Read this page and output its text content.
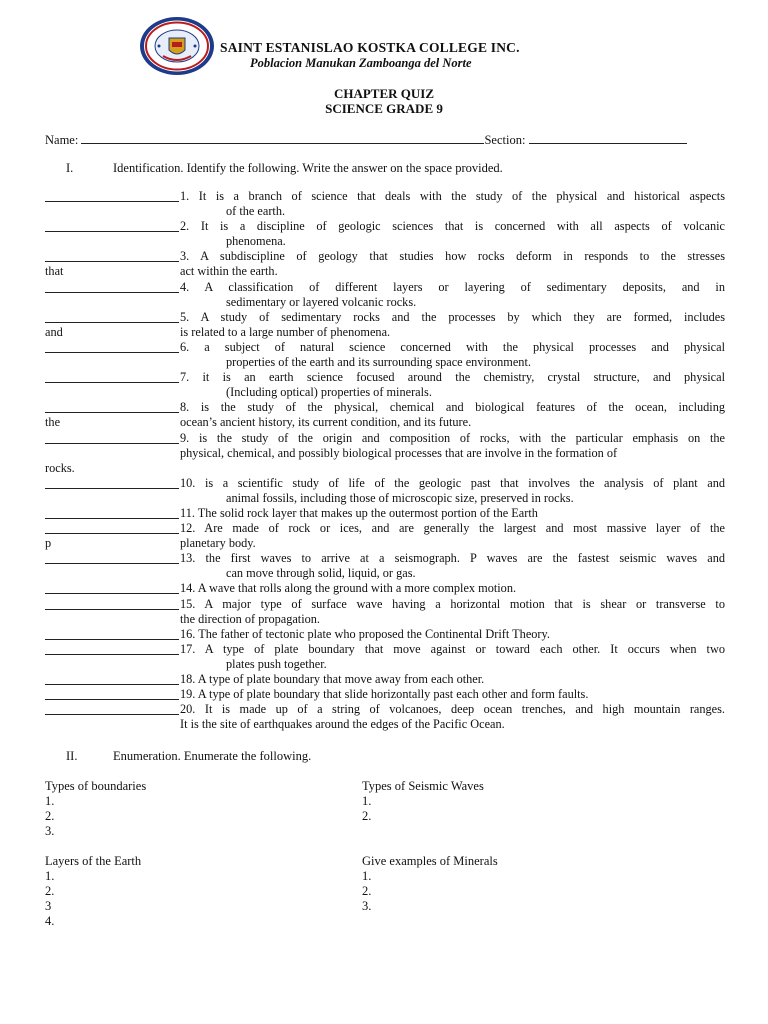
SAINT ESTANISLAO KOSTKA COLLEGE INC.
Poblacion Manukan Zamboanga del Norte
CHAPTER QUIZ
SCIENCE GRADE 9
Name:	Section:
I.	Identification. Identify the following. Write the answer on the space provided.
1. It is a branch of science that deals with the study of the physical and historical aspects
of the earth.
2. It is a discipline of geologic sciences that is concerned with all aspects of volcanic
phenomena.
3. A subdiscipline of geology that studies how rocks deform in responds to the stresses
that	act within the earth.
4. A classification of different layers or layering of sedimentary deposits, and in
sedimentary or layered volcanic rocks.
5. A study of sedimentary rocks and the processes by which they are formed, includes
and	is related to a large number of phenomena.
6. a subject of natural science concerned with the physical processes and physical
properties of the earth and its surrounding space environment.
7. it is an earth science focused around the chemistry, crystal structure, and physical
(Including optical) properties of minerals.
8. is the study of the physical, chemical and biological features of the ocean, including
the	ocean’s ancient history, its current condition, and its future.
9. is the study of the origin and composition of rocks, with the particular emphasis on the
physical, chemical, and possibly biological processes that are involve in the formation of
rocks.
10. is a scientific study of life of the geologic past that involves the analysis of plant and
animal fossils, including those of microscopic size, preserved in rocks.
11. The solid rock layer that makes up the outermost portion of the Earth
12. Are made of rock or ices, and are generally the largest and most massive layer of the
p	planetary body.
13. the first waves to arrive at a seismograph. P waves are the fastest seismic waves and
can move through solid, liquid, or gas.
14. A wave that rolls along the ground with a more complex motion.
15. A major type of surface wave having a horizontal motion that is shear or transverse to
the direction of propagation.
16. The father of tectonic plate who proposed the Continental Drift Theory.
17. A type of plate boundary that move against or toward each other. It occurs when two
plates push together.
18. A type of plate boundary that move away from each other.
19. A type of plate boundary that slide horizontally past each other and form faults.
20. It is made up of a string of volcanoes, deep ocean trenches, and high mountain ranges.
It is the site of earthquakes around the edges of the Pacific Ocean.
II.	Enumeration. Enumerate the following.
Types of boundaries
1.
2.
3.
Types of Seismic Waves
1.
2.
Layers of the Earth
1.
2.
3
4.
Give examples of Minerals
1.
2.
3.
